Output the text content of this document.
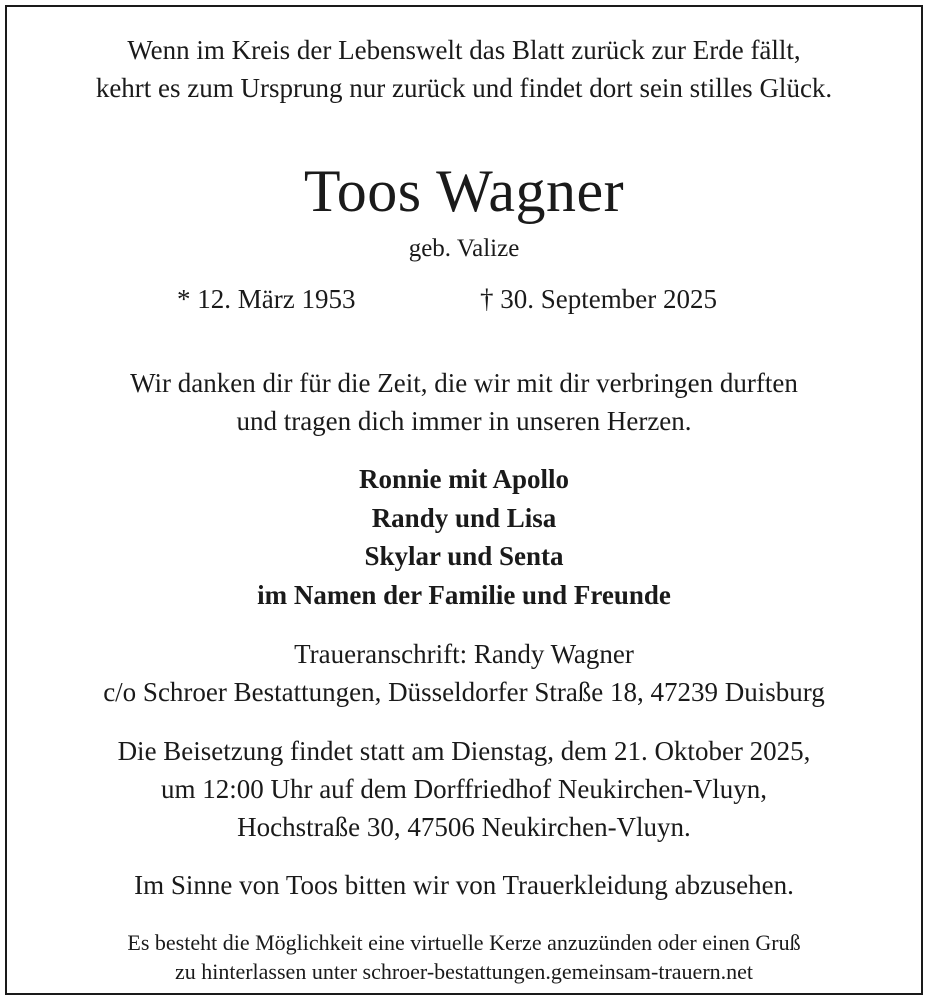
Wenn im Kreis der Lebenswelt das Blatt zurück zur Erde fällt,
kehrt es zum Ursprung nur zurück und findet dort sein stilles Glück.
Toos Wagner
geb. Valize
* 12. März 1953	† 30. September 2025
Wir danken dir für die Zeit, die wir mit dir verbringen durften
und tragen dich immer in unseren Herzen.
Ronnie mit Apollo
Randy und Lisa
Skylar und Senta
im Namen der Familie und Freunde
Traueranschrift: Randy Wagner
c/o Schroer Bestattungen, Düsseldorfer Straße 18, 47239 Duisburg
Die Beisetzung findet statt am Dienstag, dem 21. Oktober 2025,
um 12:00 Uhr auf dem Dorffriedhof Neukirchen-Vluyn,
Hochstraße 30, 47506 Neukirchen-Vluyn.
Im Sinne von Toos bitten wir von Trauerkleidung abzusehen.
Es besteht die Möglichkeit eine virtuelle Kerze anzuzünden oder einen Gruß
zu hinterlassen unter schroer-bestattungen.gemeinsam-trauern.net
